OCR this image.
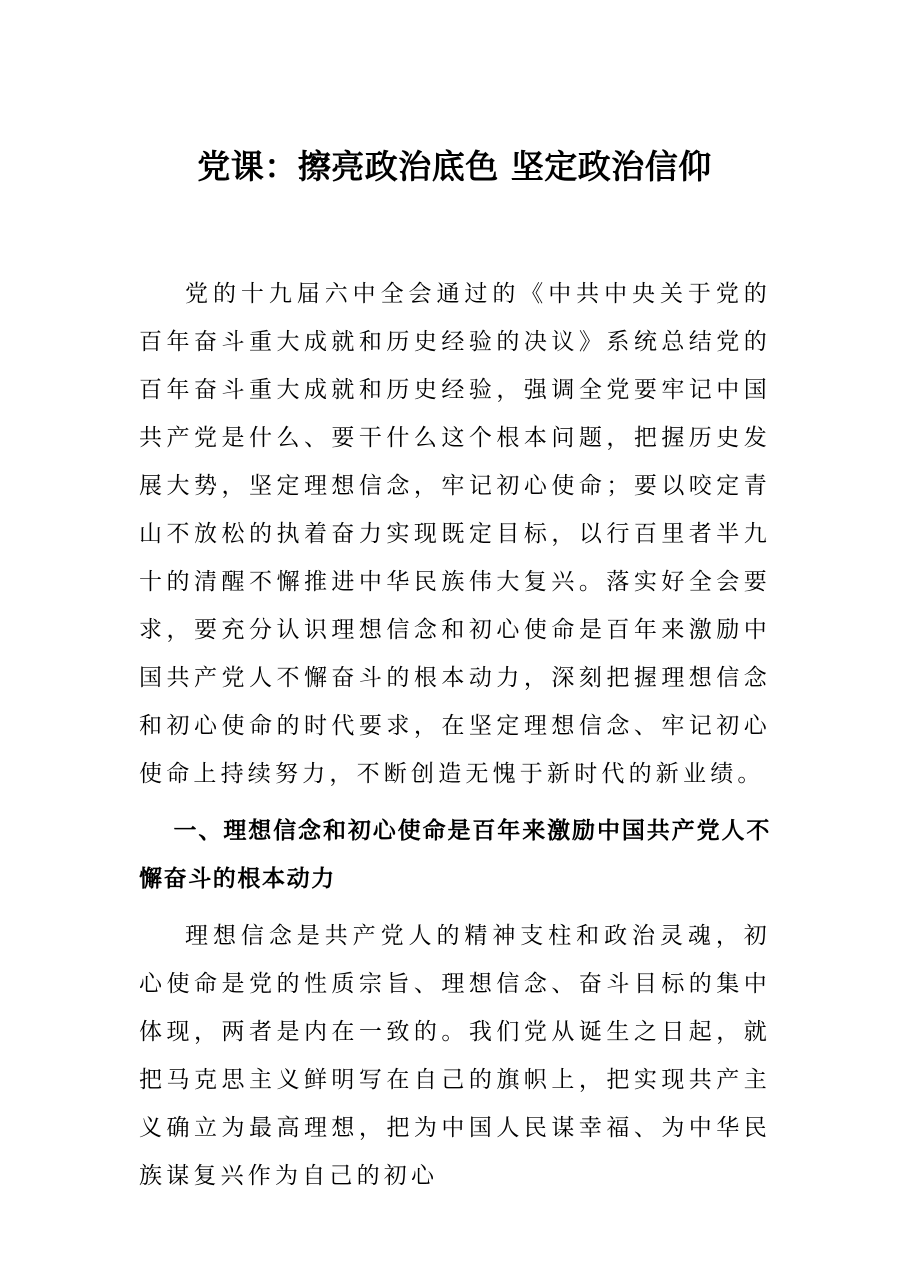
党课：擦亮政治底色 坚定政治信仰

党的十九届六中全会通过的《中共中央关于党的百年奋斗重大成就和历史经验的决议》系统总结党的百年奋斗重大成就和历史经验，强调全党要牢记中国共产党是什么、要干什么这个根本问题，把握历史发展大势，坚定理想信念，牢记初心使命；要以咬定青山不放松的执着奋力实现既定目标，以行百里者半九十的清醒不懈推进中华民族伟大复兴。落实好全会要求，要充分认识理想信念和初心使命是百年来激励中国共产党人不懈奋斗的根本动力，深刻把握理想信念和初心使命的时代要求，在坚定理想信念、牢记初心使命上持续努力，不断创造无愧于新时代的新业绩。

一、理想信念和初心使命是百年来激励中国共产党人不懈奋斗的根本动力

理想信念是共产党人的精神支柱和政治灵魂，初心使命是党的性质宗旨、理想信念、奋斗目标的集中体现，两者是内在一致的。我们党从诞生之日起，就把马克思主义鲜明写在自己的旗帜上，把实现共产主义确立为最高理想，把为中国人民谋幸福、为中华民族谋复兴作为自己的初心
